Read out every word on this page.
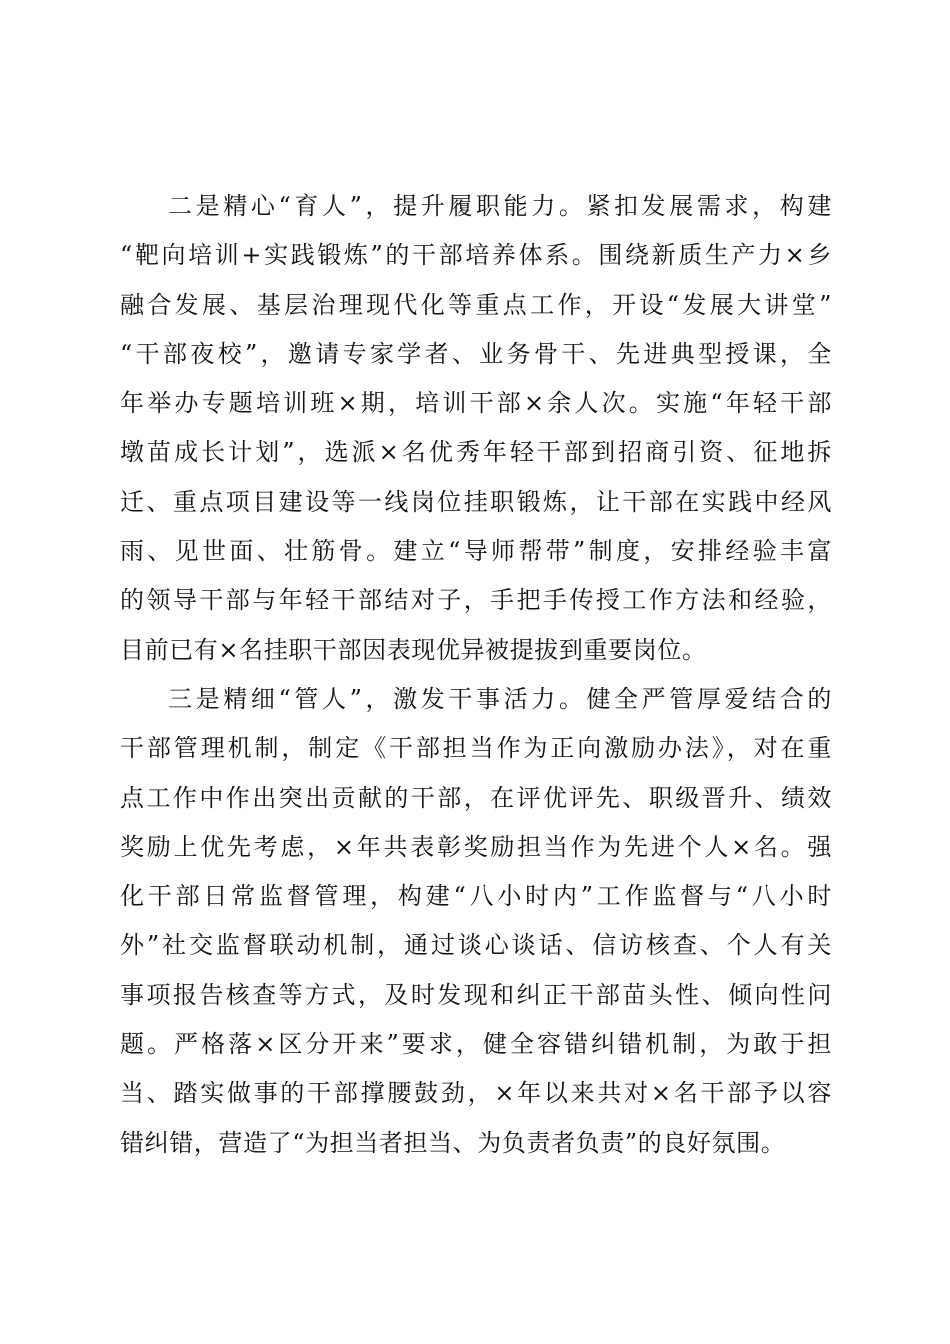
二是精心“育人”，提升履职能力。紧扣发展需求，构建
“靶向培训+实践锻炼”的干部培养体系。围绕新质生产力×乡
融合发展、基层治理现代化等重点工作，开设“发展大讲堂”
“干部夜校”，邀请专家学者、业务骨干、先进典型授课，全
年举办专题培训班×期，培训干部×余人次。实施“年轻干部
墩苗成长计划”，选派×名优秀年轻干部到招商引资、征地拆
迁、重点项目建设等一线岗位挂职锻炼，让干部在实践中经风
雨、见世面、壮筋骨。建立“导师帮带”制度，安排经验丰富
的领导干部与年轻干部结对子，手把手传授工作方法和经验，
目前已有×名挂职干部因表现优异被提拔到重要岗位。
三是精细“管人”，激发干事活力。健全严管厚爱结合的
干部管理机制，制定《干部担当作为正向激励办法》，对在重
点工作中作出突出贡献的干部，在评优评先、职级晋升、绩效
奖励上优先考虑，×年共表彰奖励担当作为先进个人×名。强
化干部日常监督管理，构建“八小时内”工作监督与“八小时
外”社交监督联动机制，通过谈心谈话、信访核查、个人有关
事项报告核查等方式，及时发现和纠正干部苗头性、倾向性问
题。严格落×区分开来”要求，健全容错纠错机制，为敢于担
当、踏实做事的干部撑腰鼓劲，×年以来共对×名干部予以容
错纠错，营造了“为担当者担当、为负责者负责”的良好氛围。
